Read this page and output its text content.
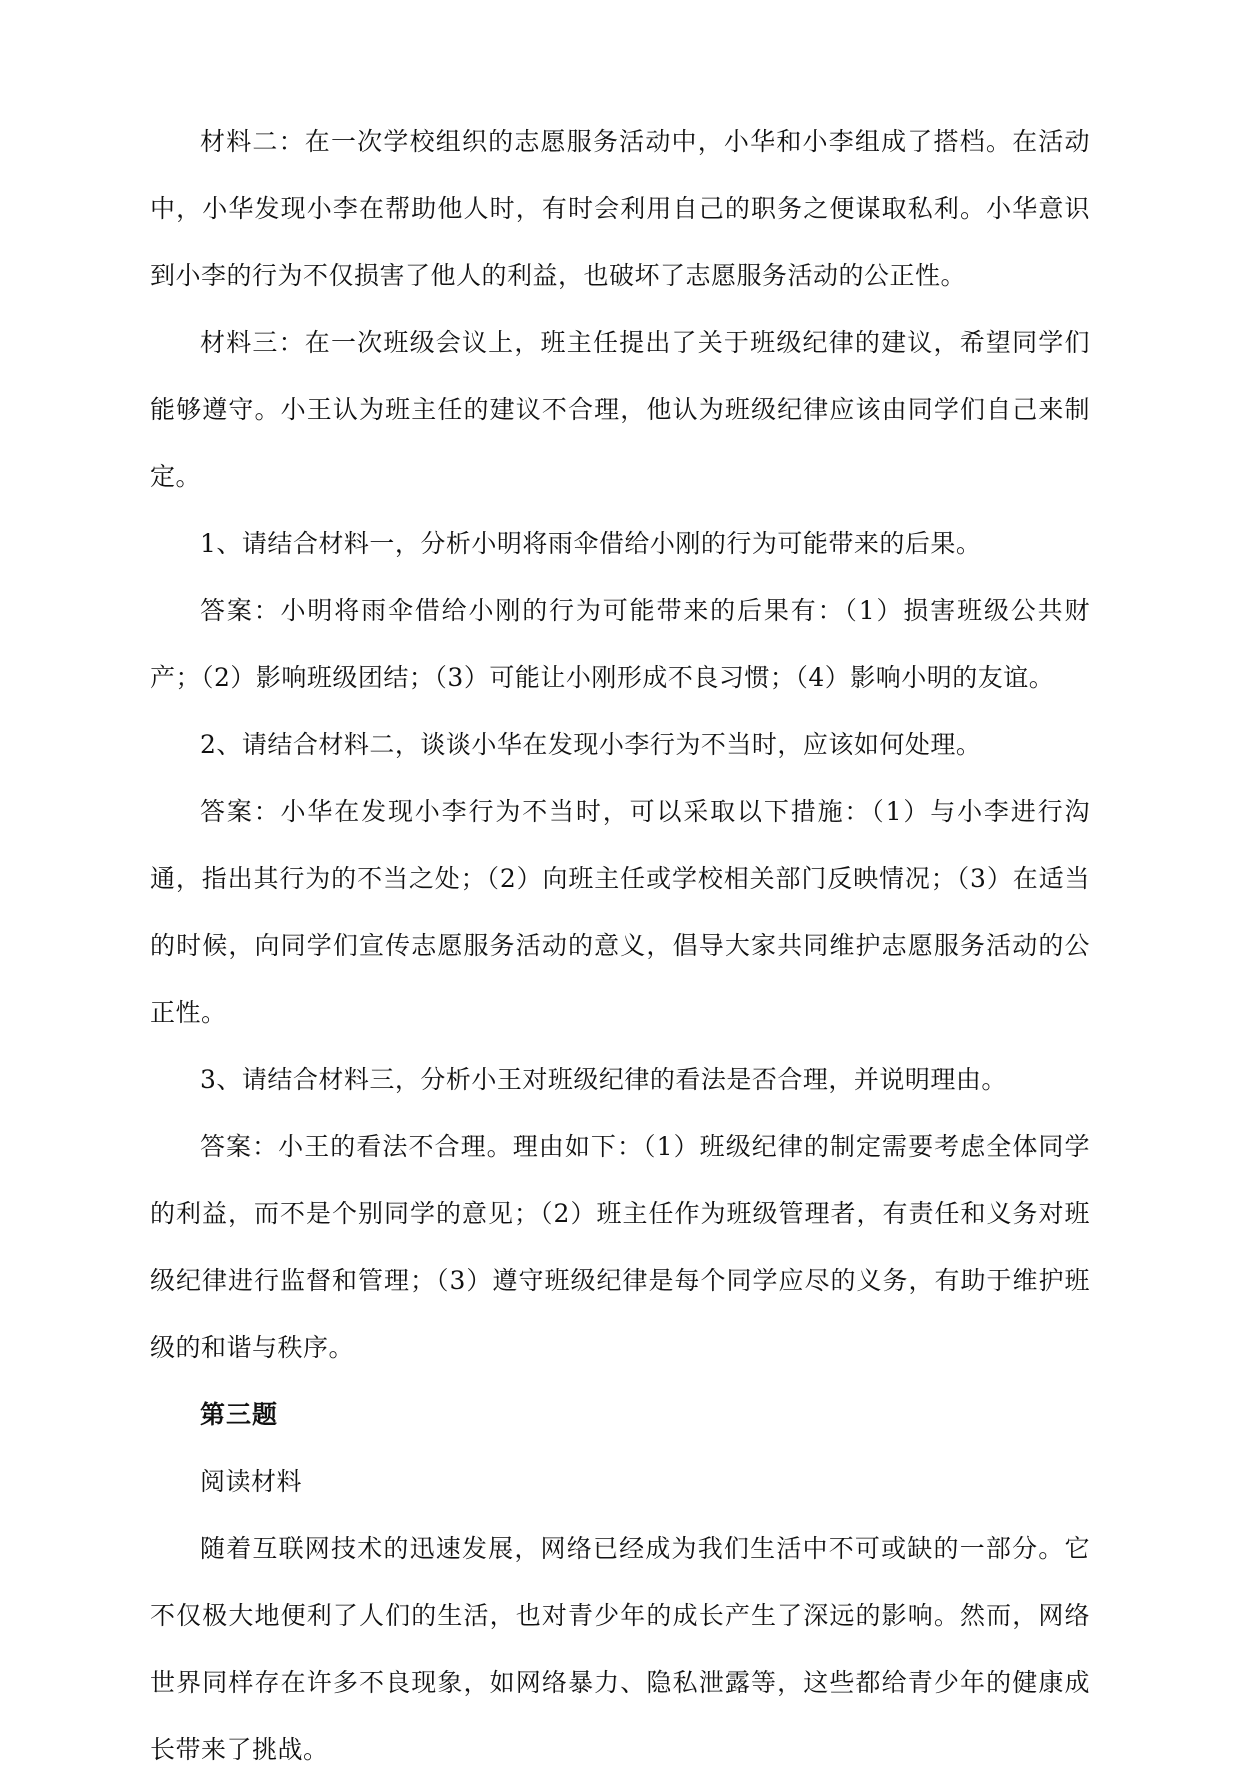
材料二：在一次学校组织的志愿服务活动中，小华和小李组成了搭档。在活动中，小华发现小李在帮助他人时，有时会利用自己的职务之便谋取私利。小华意识到小李的行为不仅损害了他人的利益，也破坏了志愿服务活动的公正性。

材料三：在一次班级会议上，班主任提出了关于班级纪律的建议，希望同学们能够遵守。小王认为班主任的建议不合理，他认为班级纪律应该由同学们自己来制定。

1、请结合材料一，分析小明将雨伞借给小刚的行为可能带来的后果。

答案：小明将雨伞借给小刚的行为可能带来的后果有：（1）损害班级公共财产；（2）影响班级团结；（3）可能让小刚形成不良习惯；（4）影响小明的友谊。

2、请结合材料二，谈谈小华在发现小李行为不当时，应该如何处理。

答案：小华在发现小李行为不当时，可以采取以下措施：（1）与小李进行沟通，指出其行为的不当之处；（2）向班主任或学校相关部门反映情况；（3）在适当的时候，向同学们宣传志愿服务活动的意义，倡导大家共同维护志愿服务活动的公正性。

3、请结合材料三，分析小王对班级纪律的看法是否合理，并说明理由。

答案：小王的看法不合理。理由如下：（1）班级纪律的制定需要考虑全体同学的利益，而不是个别同学的意见；（2）班主任作为班级管理者，有责任和义务对班级纪律进行监督和管理；（3）遵守班级纪律是每个同学应尽的义务，有助于维护班级的和谐与秩序。

第三题

阅读材料

随着互联网技术的迅速发展，网络已经成为我们生活中不可或缺的一部分。它不仅极大地便利了人们的生活，也对青少年的成长产生了深远的影响。然而，网络世界同样存在许多不良现象，如网络暴力、隐私泄露等，这些都给青少年的健康成长带来了挑战。
